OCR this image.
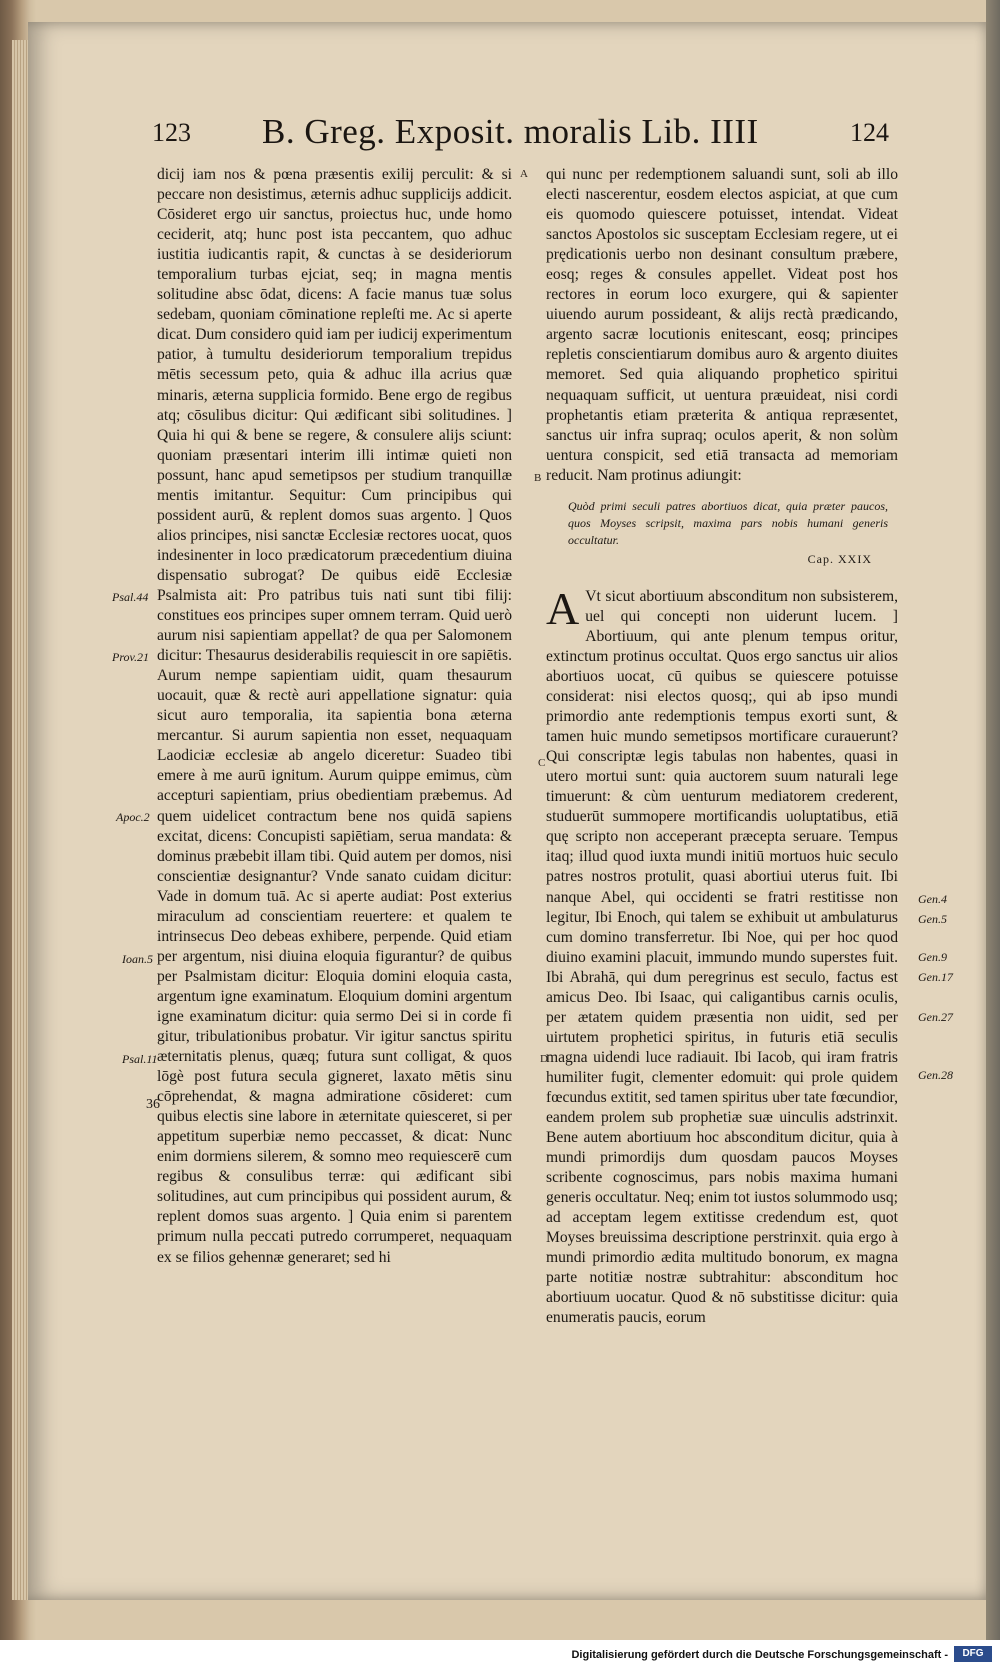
123 B. Greg. Exposit. moralis Lib. IIII	124

dicij iam nos & pœna præsentis exilij perculit: & si peccare non desistimus, æternis adhuc supplicijs addicit. Cōsideret ergo uir sanctus, proiectus huc, unde homo ceciderit, atq; hunc post ista peccantem, quo adhuc iustitia iudicantis rapit, & cunctas à se desideriorum temporalium turbas ejciat, seq; in magna mentis solitudine absc ōdat, dicens: A facie manus tuæ solus sedebam, quoniam cōminatione repleſti me. Ac si aperte dicat. Dum considero quid iam per iudicij experimentum patior, à tumultu desideriorum temporalium trepidus mētis secessum peto, quia & adhuc illa acrius quæ minaris, æterna supplicia formido. Bene ergo de regibus atq; cōsulibus dicitur: Qui ædificant sibi solitudines. ] Quia hi qui & bene se regere, & consulere alijs sciunt: quoniam præsentari interim illi intimæ quieti non possunt, hanc apud semetipsos per studium tranquillæ mentis imitantur. Sequitur: Cum principibus qui possident aurū, & replent domos suas argento. ] Quos alios principes, nisi sanctæ Ecclesiæ rectores uocat, quos indesinenter in loco prædicatorum præcedentium diuina dispensatio subrogat? De quibus eidē Ecclesiæ Psalmista ait: Pro patribus tuis nati sunt tibi filij: constitues eos principes super omnem terram. Quid uerò aurum nisi sapientiam appellat? de qua per Salomonem dicitur: Thesaurus desiderabilis requiescit in ore sapiētis. Aurum nempe sapientiam uidit, quam thesaurum uocauit, quæ & rectè auri appellatione signatur: quia sicut auro temporalia, ita sapientia bona æterna mercantur. Si aurum sapientia non esset, nequaquam Laodiciæ ecclesiæ ab angelo diceretur: Suadeo tibi emere à me aurū ignitum. Aurum quippe emimus, cùm accepturi sapientiam, prius obedientiam præbemus. Ad quem uidelicet contractum bene nos quidā sapiens excitat, dicens: Concupisti sapiētiam, serua mandata: & dominus præbebit illam tibi. Quid autem per domos, nisi conscientiæ designantur? Vnde sanato cuidam dicitur: Vade in domum tuā. Ac si aperte audiat: Post exterius miraculum ad conscientiam reuertere: et qualem te intrinsecus Deo debeas exhibere, perpende. Quid etiam per argentum, nisi diuina eloquia figurantur? de quibus per Psalmistam dicitur: Eloquia domini eloquia casta, argentum igne examinatum. Eloquium domini argentum igne examinatum dicitur: quia sermo Dei si in corde fi gitur, tribulationibus probatur. Vir igitur sanctus spiritu æternitatis plenus, quæq; futura sunt colligat, & quos lōgè post futura secula gigneret, laxato mētis sinu cōprehendat, & magna admiratione cōsideret: cum quibus electis sine labore in æternitate quiesceret, si per appetitum superbiæ nemo peccasset, & dicat: Nunc enim dormiens silerem, & somno meo requiescerē cum regibus & consulibus terræ: qui ædificant sibi solitudines, aut cum principibus qui possident aurum, & replent domos suas argento. ] Quia enim si parentem primum nulla peccati putredo corrumperet, nequaquam ex se filios gehennæ generaret; sed hi

qui nunc per redemptionem saluandi sunt, soli ab illo electi nascerentur, eosdem electos aspiciat, at que cum eis quomodo quiescere potuisset, intendat. Videat sanctos Apostolos sic susceptam Ecclesiam regere, ut ei prędicationis uerbo non desinant consultum præbere, eosq; reges & consules appellet. Videat post hos rectores in eorum loco exurgere, qui & sapienter uiuendo aurum possideant, & alijs rectà prædicando, argento sacræ locutionis enitescant, eosq; principes repletis conscientiarum domibus auro & argento diuites memoret. Sed quia aliquando prophetico spiritui nequaquam sufficit, ut uentura præuideat, nisi cordi prophetantis etiam præterita & antiqua repræsentet, sanctus uir infra supraq; oculos aperit, & non solùm uentura conspicit, sed etiā transacta ad memoriam reducit. Nam protinus adiungit:

Quòd primi seculi patres abortiuos dicat, quia præter paucos, quos Moyses scripsit, maxima pars nobis humani generis occultatur.

Cap. XXIX

A Vt sicut abortiuum absconditum non subsisterem, uel qui concepti non uiderunt lucem. ] Abortiuum, qui ante plenum tempus oritur, extinctum protinus occultat. Quos ergo sanctus uir alios abortiuos uocat, cū quibus se quiescere potuisse considerat: nisi electos quosq;, qui ab ipso mundi primordio ante redemptionis tempus exorti sunt, & tamen huic mundo semetipsos mortificare curauerunt? Qui conscriptæ legis tabulas non habentes, quasi in utero mortui sunt: quia auctorem suum naturali lege timuerunt: & cùm uenturum mediatorem crederent, studuerūt summopere mortificandis uoluptatibus, etiā quę scripto non acceperant præcepta seruare. Tempus itaq; illud quod iuxta mundi initiū mortuos huic seculo patres nostros protulit, quasi abortiui uterus fuit. Ibi nanque Abel, qui occidenti se fratri restitisse non legitur, Ibi Enoch, qui talem se exhibuit ut ambulaturus cum domino transferretur. Ibi Noe, qui per hoc quod diuino examini placuit, immundo mundo superstes fuit. Ibi Abrahā, qui dum peregrinus est seculo, factus est amicus Deo. Ibi Isaac, qui caligantibus carnis oculis, per ætatem quidem præsentia non uidit, sed per uirtutem prophetici spiritus, in futuris etiā seculis magna uidendi luce radiauit. Ibi Iacob, qui iram fratris humiliter fugit, clementer edomuit: qui prole quidem fœcundus extitit, sed tamen spiritus uber tate fœcundior, eandem prolem sub prophetiæ suæ uinculis adstrinxit. Bene autem abortiuum hoc absconditum dicitur, quia à mundi primordijs dum quosdam paucos Moyses scribente cognoscimus, pars nobis maxima humani generis occultatur. Neq; enim tot iustos solummodo usq; ad acceptam legem extitisse credendum est, quot Moyses breuissima descriptione perstrinxit. quia ergo à mundi primordio ædita multitudo bonorum, ex magna parte notitiæ nostræ subtrahitur: absconditum hoc abortiuum uocatur. Quod & nō substitisse dicitur: quia enumeratis paucis, eorum

Psal.44
Prov.21
Apoc.2
Ioan.5
Psal.11
36
Gen.4
Gen.5
Gen.9
Gen.17
Gen.27
Gen.28
A
B
C
D
Digitalisierung gefördert durch die Deutsche Forschungsgemeinschaft -	DFG
